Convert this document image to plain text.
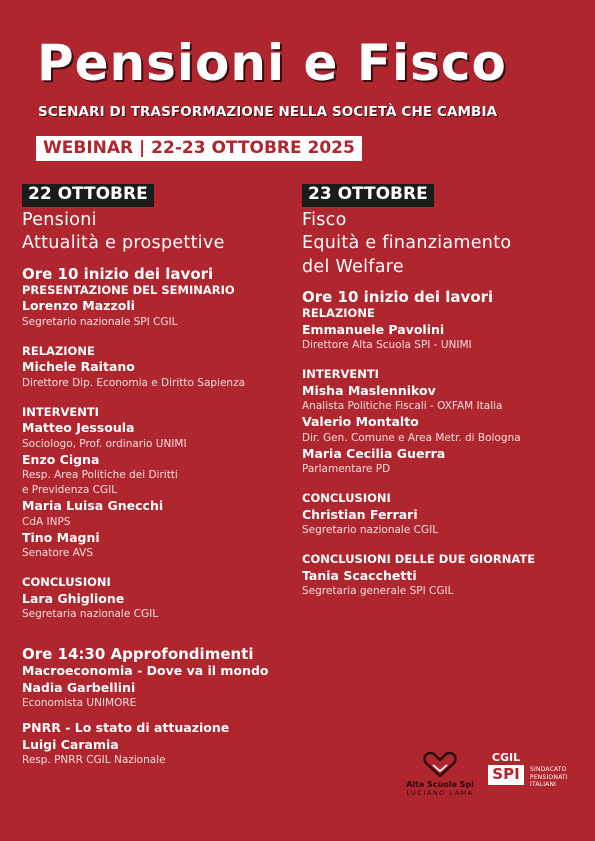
Pensioni e Fisco
SCENARI DI TRASFORMAZIONE NELLA SOCIETÀ CHE CAMBIA
WEBINAR | 22-23 OTTOBRE 2025
22 OTTOBRE
Pensioni
Attualità e prospettive
Ore 10 inizio dei lavori
PRESENTAZIONE DEL SEMINARIO
Lorenzo Mazzoli
Segretario nazionale SPI CGIL
RELAZIONE
Michele Raitano
Direttore Dip. Economia e Diritto Sapienza
INTERVENTI
Matteo Jessoula
Sociologo, Prof. ordinario UNIMI
Enzo Cigna
Resp. Area Politiche dei Diritti
e Previdenza CGIL
Maria Luisa Gnecchi
CdA INPS
Tino Magni
Senatore AVS
CONCLUSIONI
Lara Ghiglione
Segretaria nazionale CGIL
Ore 14:30 Approfondimenti
Macroeconomia - Dove va il mondo
Nadia Garbellini
Economista UNIMORE
PNRR - Lo stato di attuazione
Luigi Caramia
Resp. PNRR CGIL Nazionale
23 OTTOBRE
Fisco
Equità e finanziamento
del Welfare
Ore 10 inizio dei lavori
RELAZIONE
Emmanuele Pavolini
Direttore Alta Scuola SPI - UNIMI
INTERVENTI
Misha Maslennikov
Analista Politiche Fiscali - OXFAM Italia
Valerio Montalto
Dir. Gen. Comune e Area Metr. di Bologna
Maria Cecilia Guerra
Parlamentare PD
CONCLUSIONI
Christian Ferrari
Segretario nazionale CGIL
CONCLUSIONI DELLE DUE GIORNATE
Tania Scacchetti
Segretaria generale SPI CGIL
Alta Scuola Spi
LUCIANO LAMA
CGIL
SPI	SINDACATO
PENSIONATI
ITALIANI
